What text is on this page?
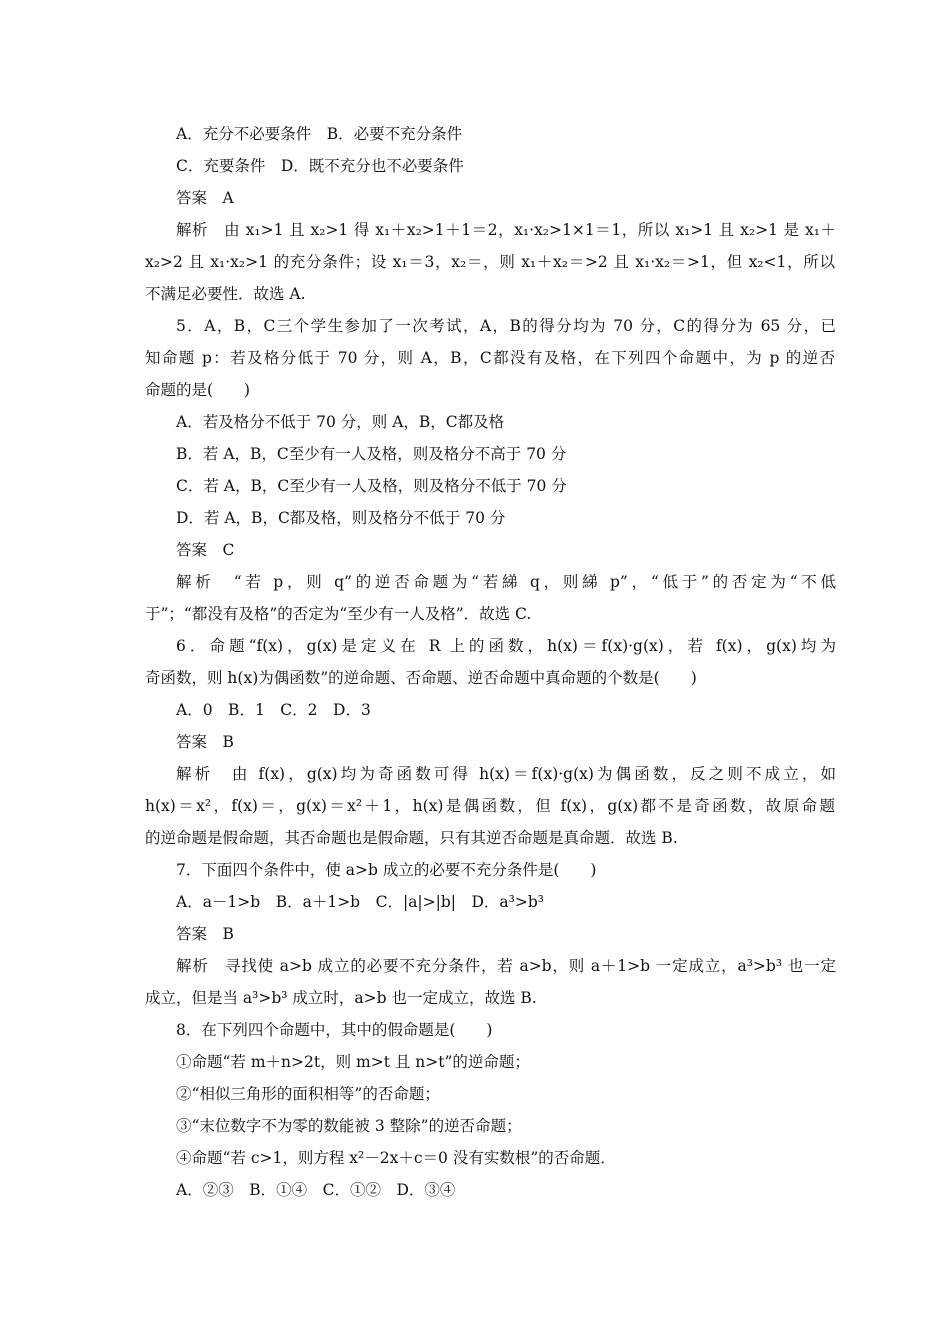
A．充分不必要条件　B．必要不充分条件
C．充要条件　D．既不充分也不必要条件
答案　A
解析　由 x₁>1 且 x₂>1 得 x₁＋x₂>1＋1＝2，x₁·x₂>1×1＝1，所以 x₁>1 且 x₂>1 是 x₁＋
x₂>2 且 x₁·x₂>1 的充分条件；设 x₁＝3，x₂＝，则 x₁＋x₂＝>2 且 x₁·x₂＝>1，但 x₂<1，所以
不满足必要性．故选 A.
5．A，B，C三个学生参加了一次考试，A，B的得分均为 70 分，C的得分为 65 分，已
知命题 p：若及格分低于 70 分，则 A，B，C都没有及格，在下列四个命题中，为 p 的逆否
命题的是(　　)
A．若及格分不低于 70 分，则 A，B，C都及格
B．若 A，B，C至少有一人及格，则及格分不高于 70 分
C．若 A，B，C至少有一人及格，则及格分不低于 70 分
D．若 A，B，C都及格，则及格分不低于 70 分
答案　C
解析　“若 p，则 q”的逆否命题为“若綈 q，则綈 p”，“低于”的否定为“不低
于”；“都没有及格”的否定为“至少有一人及格”．故选 C.
6．命题“f(x)，g(x)是定义在 R 上的函数，h(x)＝f(x)·g(x)，若 f(x)，g(x)均为
奇函数，则 h(x)为偶函数”的逆命题、否命题、逆否命题中真命题的个数是(　　)
A．0　B．1　C．2　D．3
答案　B
解析　由 f(x)，g(x)均为奇函数可得 h(x)＝f(x)·g(x)为偶函数，反之则不成立，如
h(x)＝x²，f(x)＝，g(x)＝x²＋1，h(x)是偶函数，但 f(x)，g(x)都不是奇函数，故原命题
的逆命题是假命题，其否命题也是假命题，只有其逆否命题是真命题．故选 B.
7．下面四个条件中，使 a>b 成立的必要不充分条件是(　　)
A．a－1>b　B．a＋1>b　C．|a|>|b|　D．a³>b³
答案　B
解析　寻找使 a>b 成立的必要不充分条件，若 a>b，则 a＋1>b 一定成立，a³>b³ 也一定
成立，但是当 a³>b³ 成立时，a>b 也一定成立，故选 B.
8．在下列四个命题中，其中的假命题是(　　)
①命题“若 m＋n>2t，则 m>t 且 n>t”的逆命题；
②“相似三角形的面积相等”的否命题；
③“末位数字不为零的数能被 3 整除”的逆否命题；
④命题“若 c>1，则方程 x²－2x＋c＝0 没有实数根”的否命题．
A．②③　B．①④　C．①②　D．③④
